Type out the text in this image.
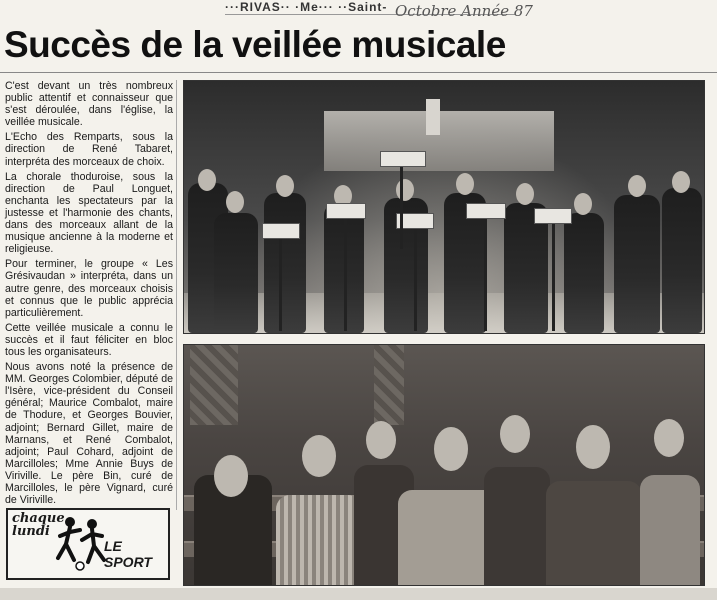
···RIVAS·· ·Me··· ··Saint- Octobre Année 87
Succès de la veillée musicale

C'est devant un très nombreux public attentif et connaisseur que s'est déroulée, dans l'église, la veillée musicale.

L'Echo des Remparts, sous la direction de René Tabaret, interpréta des morceaux de choix.

La chorale thoduroise, sous la direction de Paul Longuet, enchanta les spectateurs par la justesse et l'harmonie des chants, dans des morceaux allant de la musique ancienne à la moderne et religieuse.

Pour terminer, le groupe « Les Grésivaudan » interpréta, dans un autre genre, des morceaux choisis et connus que le public apprécia particulièrement.

Cette veillée musicale a connu le succès et il faut féliciter en bloc tous les organisateurs.

Nous avons noté la présence de MM. Georges Colombier, député de l'Isère, vice-président du Conseil général; Maurice Combalot, maire de Thodure, et Georges Bouvier, adjoint; Bernard Gillet, maire de Marnans, et René Combalot, adjoint; Paul Cohard, adjoint de Marcilloles; Mme Annie Buys de Viriville. Le père Bin, curé de Marcilloles, le père Vignard, curé de Viriville.

chaque
lundi
LE SPORT
